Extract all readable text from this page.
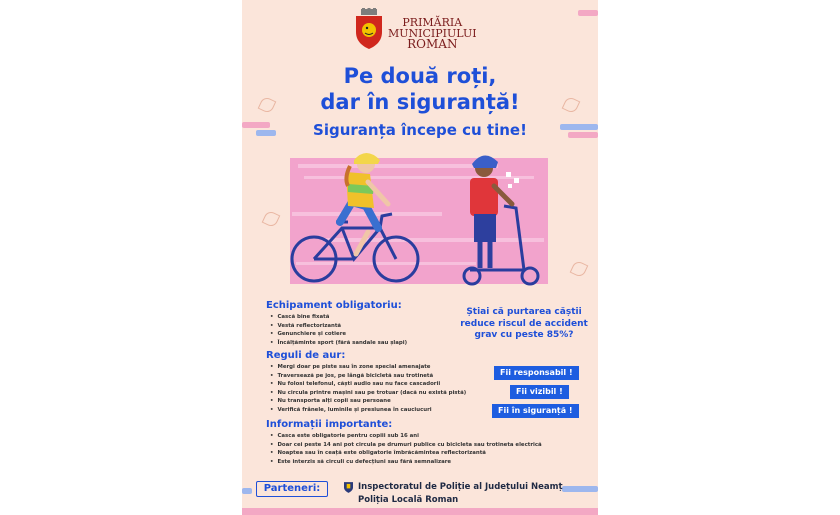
PRIMĂRIA
MUNICIPIULUI
ROMAN
Pe două roți,
dar în siguranță!
Siguranța începe cu tine!
Echipament obligatoriu:
• Cască bine fixată
• Vestă reflectorizantă
• Genunchiere și cotiere
• Încălțăminte sport (fără sandale sau șlapi)
Știai că purtarea căștii reduce riscul de accident grav cu peste 85%?
Reguli de aur:
• Mergi doar pe piste sau în zone special amenajate
• Traversează pe jos, pe lângă bicicletă sau trotinetă
• Nu folosi telefonul, căști audio sau nu face cascadorii
• Nu circula printre mașini sau pe trotuar (dacă nu există pistă)
• Nu transporta alți copii sau persoane
• Verifică frânele, luminile și presiunea în cauciucuri
Fii responsabil !
Fii vizibil !
Fii în siguranță !
Informații importante:
• Casca este obligatorie pentru copiii sub 16 ani
• Doar cei peste 14 ani pot circula pe drumuri publice cu bicicleta sau trotineta electrică
• Noaptea sau în ceață este obligatorie îmbrăcămintea reflectorizantă
• Este interzis să circuli cu defecțiuni sau fără semnalizare
Parteneri:	Inspectoratul de Poliție al Județului Neamț
Poliția Locală Roman
